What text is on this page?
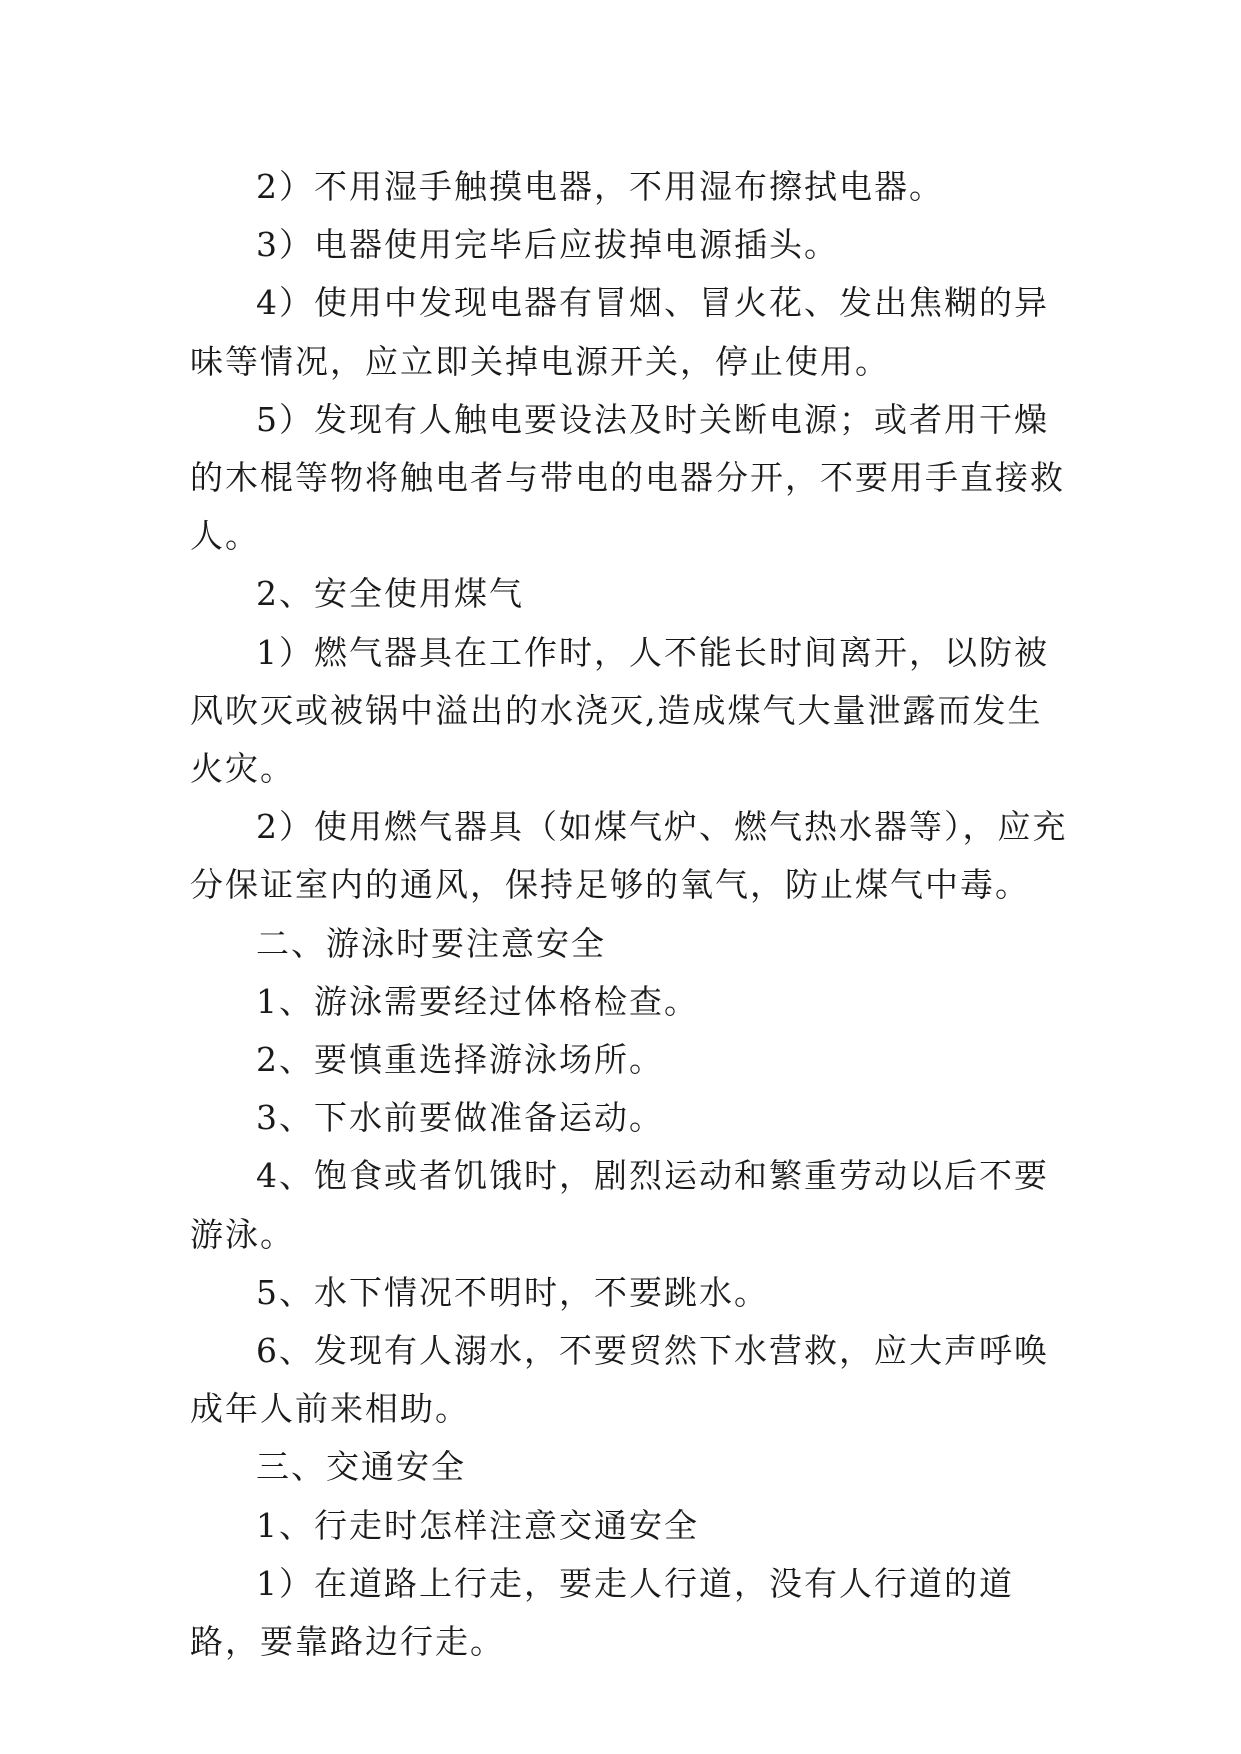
2）不用湿手触摸电器，不用湿布擦拭电器。

3）电器使用完毕后应拔掉电源插头。

4）使用中发现电器有冒烟、冒火花、发出焦糊的异味等情况，应立即关掉电源开关，停止使用。

5）发现有人触电要设法及时关断电源；或者用干燥的木棍等物将触电者与带电的电器分开，不要用手直接救人。

2、安全使用煤气

1）燃气器具在工作时，人不能长时间离开，以防被风吹灭或被锅中溢出的水浇灭,造成煤气大量泄露而发生火灾。

2）使用燃气器具（如煤气炉、燃气热水器等），应充分保证室内的通风，保持足够的氧气，防止煤气中毒。

二、游泳时要注意安全

1、游泳需要经过体格检查。

2、要慎重选择游泳场所。

3、下水前要做准备运动。

4、饱食或者饥饿时，剧烈运动和繁重劳动以后不要游泳。

5、水下情况不明时，不要跳水。

6、发现有人溺水，不要贸然下水营救，应大声呼唤成年人前来相助。

三、交通安全

1、行走时怎样注意交通安全

1）在道路上行走，要走人行道，没有人行道的道路，要靠路边行走。
